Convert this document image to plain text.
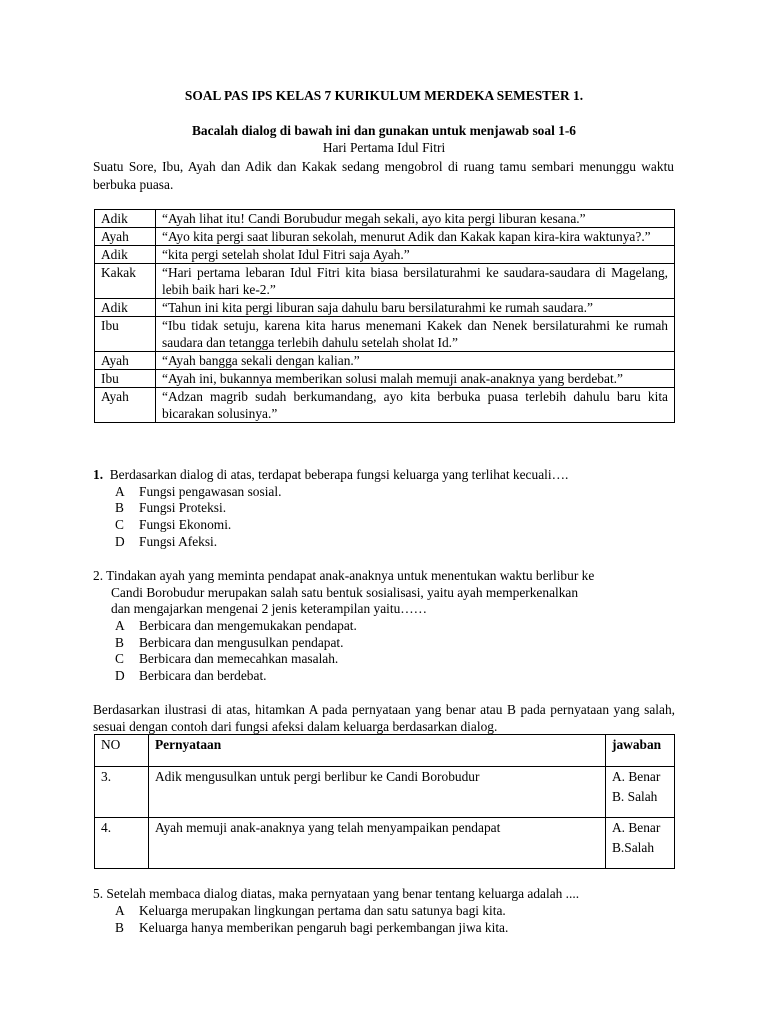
SOAL PAS IPS KELAS 7 KURIKULUM MERDEKA SEMESTER 1.
Bacalah dialog di bawah ini dan gunakan untuk menjawab soal 1-6
Hari Pertama Idul Fitri
Suatu Sore, Ibu, Ayah dan Adik dan Kakak sedang mengobrol di ruang tamu sembari menunggu waktu berbuka puasa.
Adik	“Ayah lihat itu! Candi Borubudur megah sekali, ayo kita pergi liburan kesana.”
Ayah	“Ayo kita pergi saat liburan sekolah, menurut Adik dan Kakak kapan kira-kira waktunya?.”
Adik	“kita pergi setelah sholat Idul Fitri saja Ayah.”
Kakak	“Hari pertama lebaran Idul Fitri kita biasa bersilaturahmi ke saudara-saudara di Magelang, lebih baik hari ke-2.”
Adik	“Tahun ini kita pergi liburan saja dahulu baru bersilaturahmi ke rumah saudara.”
Ibu	“Ibu tidak setuju, karena kita harus menemani Kakek dan Nenek bersilaturahmi ke rumah saudara dan tetangga terlebih dahulu setelah sholat Id.”
Ayah	“Ayah bangga sekali dengan kalian.”
Ibu	“Ayah ini, bukannya memberikan solusi malah memuji anak-anaknya yang berdebat.”
Ayah	“Adzan magrib sudah berkumandang, ayo kita berbuka puasa terlebih dahulu baru kita bicarakan solusinya.”
1. Berdasarkan dialog di atas, terdapat beberapa fungsi keluarga yang terlihat kecuali….
A Fungsi pengawasan sosial.
B Fungsi Proteksi.
C Fungsi Ekonomi.
D Fungsi Afeksi.
2. Tindakan ayah yang meminta pendapat anak-anaknya untuk menentukan waktu berlibur ke
Candi Borobudur merupakan salah satu bentuk sosialisasi, yaitu ayah memperkenalkan
dan mengajarkan mengenai 2 jenis keterampilan yaitu……
A Berbicara dan mengemukakan pendapat.
B Berbicara dan mengusulkan pendapat.
C Berbicara dan memecahkan masalah.
D Berbicara dan berdebat.
Berdasarkan ilustrasi di atas, hitamkan A pada pernyataan yang benar atau B pada pernyataan yang salah, sesuai dengan contoh dari fungsi afeksi dalam keluarga berdasarkan dialog.
NO	Pernyataan	jawaban
3.	Adik mengusulkan untuk pergi berlibur ke Candi Borobudur	A. Benar
B. Salah

4.	Ayah memuji anak-anaknya yang telah menyampaikan pendapat	A. Benar
B.Salah
5. Setelah membaca dialog diatas, maka pernyataan yang benar tentang keluarga adalah ....
A Keluarga merupakan lingkungan pertama dan satu satunya bagi kita.
B Keluarga hanya memberikan pengaruh bagi perkembangan jiwa kita.
